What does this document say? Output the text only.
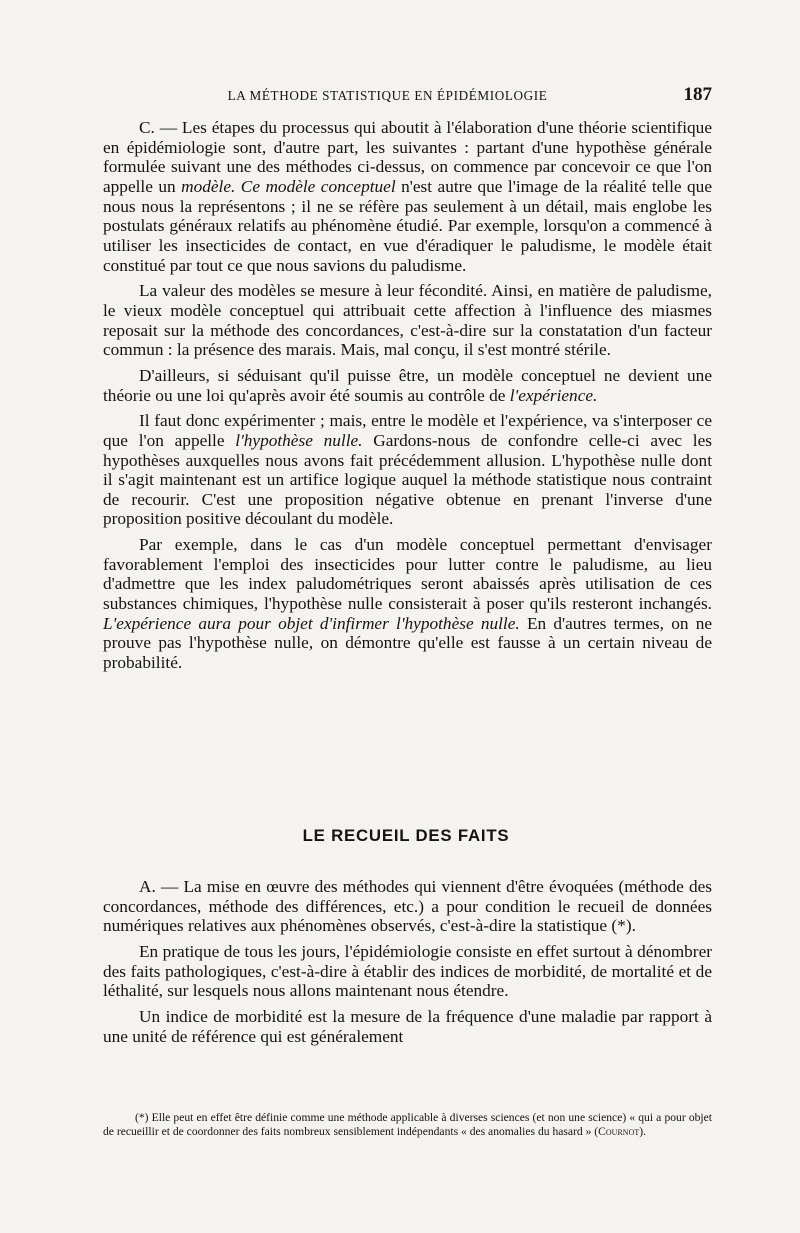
LA MÉTHODE STATISTIQUE EN ÉPIDÉMIOLOGIE	187

C. — Les étapes du processus qui aboutit à l'élaboration d'une théorie scientifique en épidémiologie sont, d'autre part, les suivantes : partant d'une hypothèse générale formulée suivant une des méthodes ci-dessus, on commence par concevoir ce que l'on appelle un modèle. Ce modèle conceptuel n'est autre que l'image de la réalité telle que nous nous la représentons ; il ne se réfère pas seulement à un détail, mais englobe les postulats généraux relatifs au phénomène étudié. Par exemple, lorsqu'on a commencé à utiliser les insecticides de contact, en vue d'éradiquer le paludisme, le modèle était constitué par tout ce que nous savions du paludisme.

La valeur des modèles se mesure à leur fécondité. Ainsi, en matière de paludisme, le vieux modèle conceptuel qui attribuait cette affection à l'influence des miasmes reposait sur la méthode des concordances, c'est-à-dire sur la constatation d'un facteur commun : la présence des marais. Mais, mal conçu, il s'est montré stérile.

D'ailleurs, si séduisant qu'il puisse être, un modèle conceptuel ne devient une théorie ou une loi qu'après avoir été soumis au contrôle de l'expérience.

Il faut donc expérimenter ; mais, entre le modèle et l'expérience, va s'interposer ce que l'on appelle l'hypothèse nulle. Gardons-nous de confondre celle-ci avec les hypothèses auxquelles nous avons fait précédemment allusion. L'hypothèse nulle dont il s'agit maintenant est un artifice logique auquel la méthode statistique nous contraint de recourir. C'est une proposition négative obtenue en prenant l'inverse d'une proposition positive découlant du modèle.

Par exemple, dans le cas d'un modèle conceptuel permettant d'envisager favorablement l'emploi des insecticides pour lutter contre le paludisme, au lieu d'admettre que les index paludométriques seront abaissés après utilisation de ces substances chimiques, l'hypothèse nulle consisterait à poser qu'ils resteront inchangés. L'expérience aura pour objet d'infirmer l'hypothèse nulle. En d'autres termes, on ne prouve pas l'hypothèse nulle, on démontre qu'elle est fausse à un certain niveau de probabilité.

LE RECUEIL DES FAITS

A. — La mise en œuvre des méthodes qui viennent d'être évoquées (méthode des concordances, méthode des différences, etc.) a pour condition le recueil de données numériques relatives aux phénomènes observés, c'est-à-dire la statistique (*).

En pratique de tous les jours, l'épidémiologie consiste en effet surtout à dénombrer des faits pathologiques, c'est-à-dire à établir des indices de morbidité, de mortalité et de léthalité, sur lesquels nous allons maintenant nous étendre.

Un indice de morbidité est la mesure de la fréquence d'une maladie par rapport à une unité de référence qui est généralement

(*) Elle peut en effet être définie comme une méthode applicable à diverses sciences (et non une science) « qui a pour objet de recueillir et de coordonner des faits nombreux sensiblement indépendants « des anomalies du hasard » (Cournot).
